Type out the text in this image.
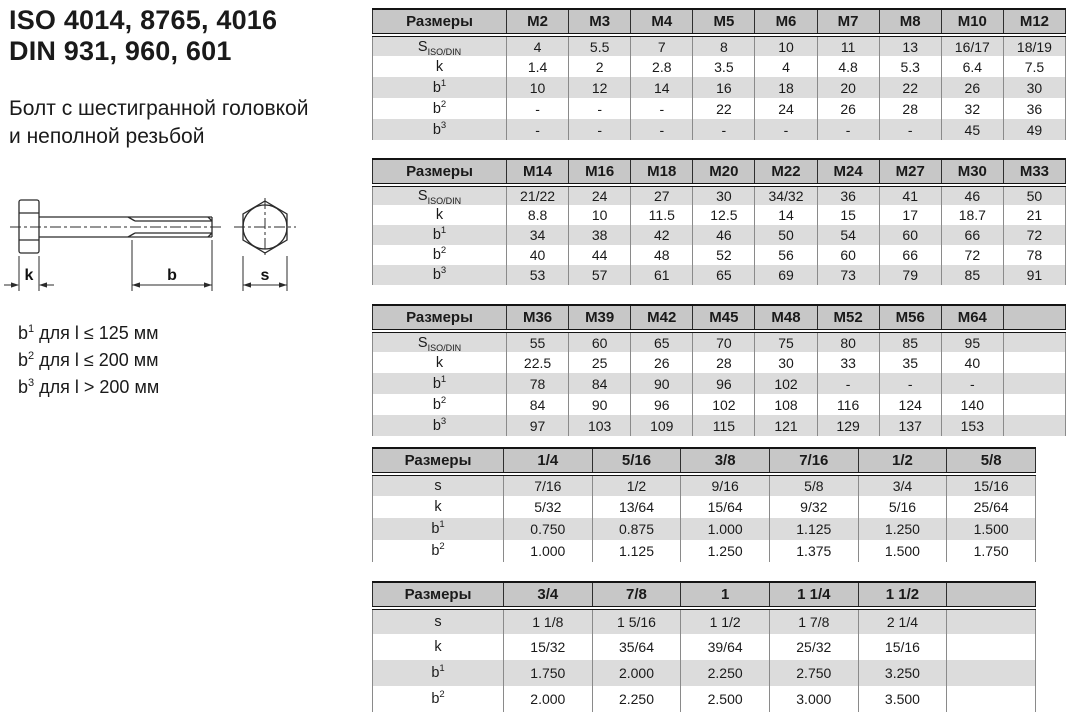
ISO 4014, 8765, 4016
DIN 931, 960, 601
Болт с шестигранной головкой
и неполной резьбой
k	b	s
$b^1$ для l ≤ 125 мм
$b^2$ для l ≤ 200 мм
$b^3$ для l > 200 мм
Размеры	M2	M3	M4	M5	M6	M7	M8	M10	M12
$S_{ISO/DIN}$	4	5.5	7	8	10	11	13	16/17	18/19
k	1.4	2	2.8	3.5	4	4.8	5.3	6.4	7.5
$b^1$	10	12	14	16	18	20	22	26	30
$b^2$	-	-	-	22	24	26	28	32	36
$b^3$	-	-	-	-	-	-	-	45	49
Размеры	M14	M16	M18	M20	M22	M24	M27	M30	M33
$S_{ISO/DIN}$	21/22	24	27	30	34/32	36	41	46	50
k	8.8	10	11.5	12.5	14	15	17	18.7	21
$b^1$	34	38	42	46	50	54	60	66	72
$b^2$	40	44	48	52	56	60	66	72	78
$b^3$	53	57	61	65	69	73	79	85	91
Размеры	M36	M39	M42	M45	M48	M52	M56	M64	
$S_{ISO/DIN}$	55	60	65	70	75	80	85	95	
k	22.5	25	26	28	30	33	35	40	
$b^1$	78	84	90	96	102	-	-	-	
$b^2$	84	90	96	102	108	116	124	140	
$b^3$	97	103	109	115	121	129	137	153	
Размеры	1/4	5/16	3/8	7/16	1/2	5/8
s	7/16	1/2	9/16	5/8	3/4	15/16
k	5/32	13/64	15/64	9/32	5/16	25/64
$b^1$	0.750	0.875	1.000	1.125	1.250	1.500
$b^2$	1.000	1.125	1.250	1.375	1.500	1.750
Размеры	3/4	7/8	1	1 1/4	1 1/2	
s	1 1/8	1 5/16	1 1/2	1 7/8	2 1/4	
k	15/32	35/64	39/64	25/32	15/16	
$b^1$	1.750	2.000	2.250	2.750	3.250	
$b^2$	2.000	2.250	2.500	3.000	3.500	
